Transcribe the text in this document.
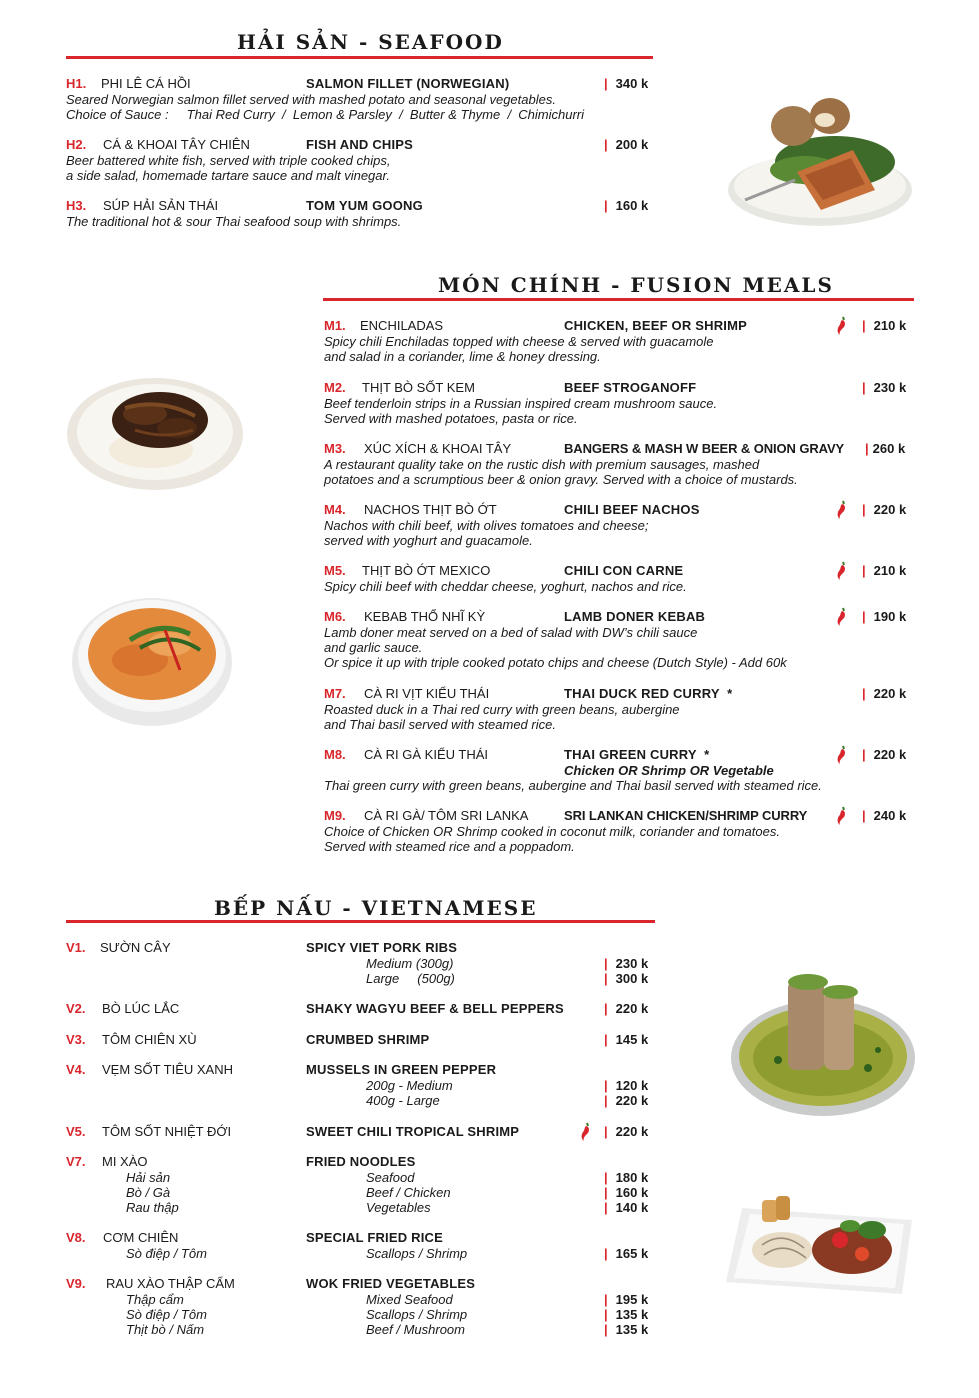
HẢI SẢN - SEAFOOD
H1. PHI LÊ CÁ HỒI	SALMON FILLET (NORWEGIAN)	| 340 k
Seared Norwegian salmon fillet served with mashed potato and seasonal vegetables.
Choice of Sauce :     Thai Red Curry  /  Lemon & Parsley  /  Butter & Thyme  /  Chimichurri
H2. CÁ & KHOAI TÂY CHIÊN	FISH AND CHIPS	| 200 k
Beer battered white fish, served with triple cooked chips,
a side salad, homemade tartare sauce and malt vinegar.
H3. SÚP HẢI SẢN THÁI	TOM YUM GOONG	| 160 k
The traditional hot & sour Thai seafood soup with shrimps.
MÓN CHÍNH - FUSION MEALS
M1. ENCHILADAS	CHICKEN, BEEF OR SHRIMP	| 210 k
Spicy chili Enchiladas topped with cheese & served with guacamole
and salad in a coriander, lime & honey dressing.
M2. THỊT BÒ SỐT KEM	BEEF STROGANOFF	| 230 k
Beef tenderloin strips in a Russian inspired cream mushroom sauce.
Served with mashed potatoes, pasta or rice.
M3. XÚC XÍCH & KHOAI TÂY	BANGERS & MASH W BEER & ONION GRAVY | 260 k
A restaurant quality take on the rustic dish with premium sausages, mashed
potatoes and a scrumptious beer & onion gravy. Served with a choice of mustards.
M4. NACHOS THỊT BÒ ỚT	CHILI BEEF NACHOS	| 220 k
Nachos with chili beef, with olives tomatoes and cheese;
served with yoghurt and guacamole.
M5. THỊT BÒ ỚT MEXICO	CHILI CON CARNE	| 210 k
Spicy chili beef with cheddar cheese, yoghurt, nachos and rice.
M6. KEBAB THỔ NHĨ KỲ	LAMB DONER KEBAB	| 190 k
Lamb doner meat served on a bed of salad with DW’s chili sauce
and garlic sauce.
Or spice it up with triple cooked potato chips and cheese (Dutch Style) - Add 60k
M7. CÀ RI VỊT KIỂU THÁI	THAI DUCK RED CURRY  *	| 220 k
Roasted duck in a Thai red curry with green beans, aubergine
and Thai basil served with steamed rice.
M8. CÀ RI GÀ KIỂU THÁI	THAI GREEN CURRY  *	| 220 k
Chicken OR Shrimp OR Vegetable
Thai green curry with green beans, aubergine and Thai basil served with steamed rice.
M9. CÀ RI GÀ/ TÔM SRI LANKA	SRI LANKAN CHICKEN/SHRIMP CURRY	| 240 k
Choice of Chicken OR Shrimp cooked in coconut milk, coriander and tomatoes.
Served with steamed rice and a poppadom.
BẾP NẤU - VIETNAMESE
V1. SƯỜN CÂY	SPICY VIET PORK RIBS
Medium (300g)	| 230 k
Large     (500g)	| 300 k
V2. BÒ LÚC LẮC	SHAKY WAGYU BEEF & BELL PEPPERS	| 220 k
V3. TÔM CHIÊN XÙ	CRUMBED SHRIMP	| 145 k
V4. VẸM SỐT TIÊU XANH	MUSSELS IN GREEN PEPPER
200g - Medium	| 120 k
400g - Large	| 220 k
V5. TÔM SỐT NHIỆT ĐỚI	SWEET CHILI TROPICAL SHRIMP	| 220 k
V7. MI XÀO	FRIED NOODLES
Hải sản	Seafood	| 180 k
Bò / Gà	Beef / Chicken	| 160 k
Rau thập	Vegetables	| 140 k
V8. CƠM CHIÊN	SPECIAL FRIED RICE
Sò điệp / Tôm	Scallops / Shrimp	| 165 k
V9. RAU XÀO THẬP CẨM	WOK FRIED VEGETABLES
Thập cẩm	Mixed Seafood	| 195 k
Sò điệp / Tôm	Scallops / Shrimp	| 135 k
Thịt bò / Nấm	Beef / Mushroom	| 135 k
